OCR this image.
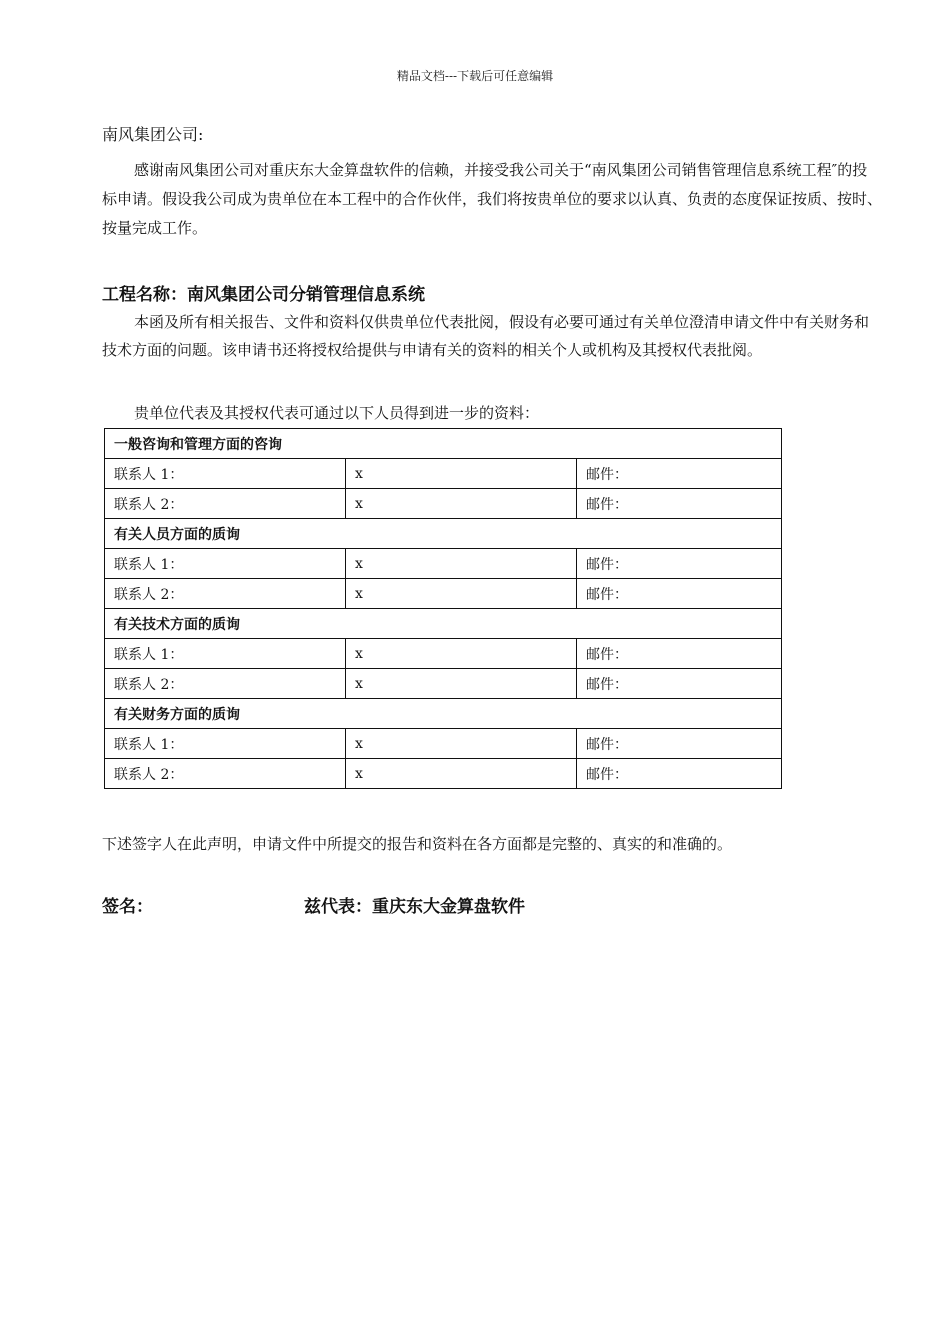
精品文档---下载后可任意编辑
南风集团公司:

感谢南风集团公司对重庆东大金算盘软件的信赖，并接受我公司关于“南风集团公司销售管理信息系统工程″的投标申请。假设我公司成为贵单位在本工程中的合作伙伴，我们将按贵单位的要求以认真、负责的态度保证按质、按时、按量完成工作。

工程名称：南风集团公司分销管理信息系统

本函及所有相关报告、文件和资料仅供贵单位代表批阅，假设有必要可通过有关单位澄清申请文件中有关财务和技术方面的问题。该申请书还将授权给提供与申请有关的资料的相关个人或机构及其授权代表批阅。

贵单位代表及其授权代表可通过以下人员得到进一步的资料：
一般咨询和管理方面的咨询		
联系人 1：	x	邮件：
联系人 2：	x	邮件：
有关人员方面的质询		
联系人 1：	x	邮件：
联系人 2：	x	邮件：
有关技术方面的质询		
联系人 1：	x	邮件：
联系人 2：	x	邮件：
有关财务方面的质询		
联系人 1：	x	邮件：
联系人 2：	x	邮件：
下述签字人在此声明，申请文件中所提交的报告和资料在各方面都是完整的、真实的和准确的。
签名：	兹代表：重庆东大金算盘软件
